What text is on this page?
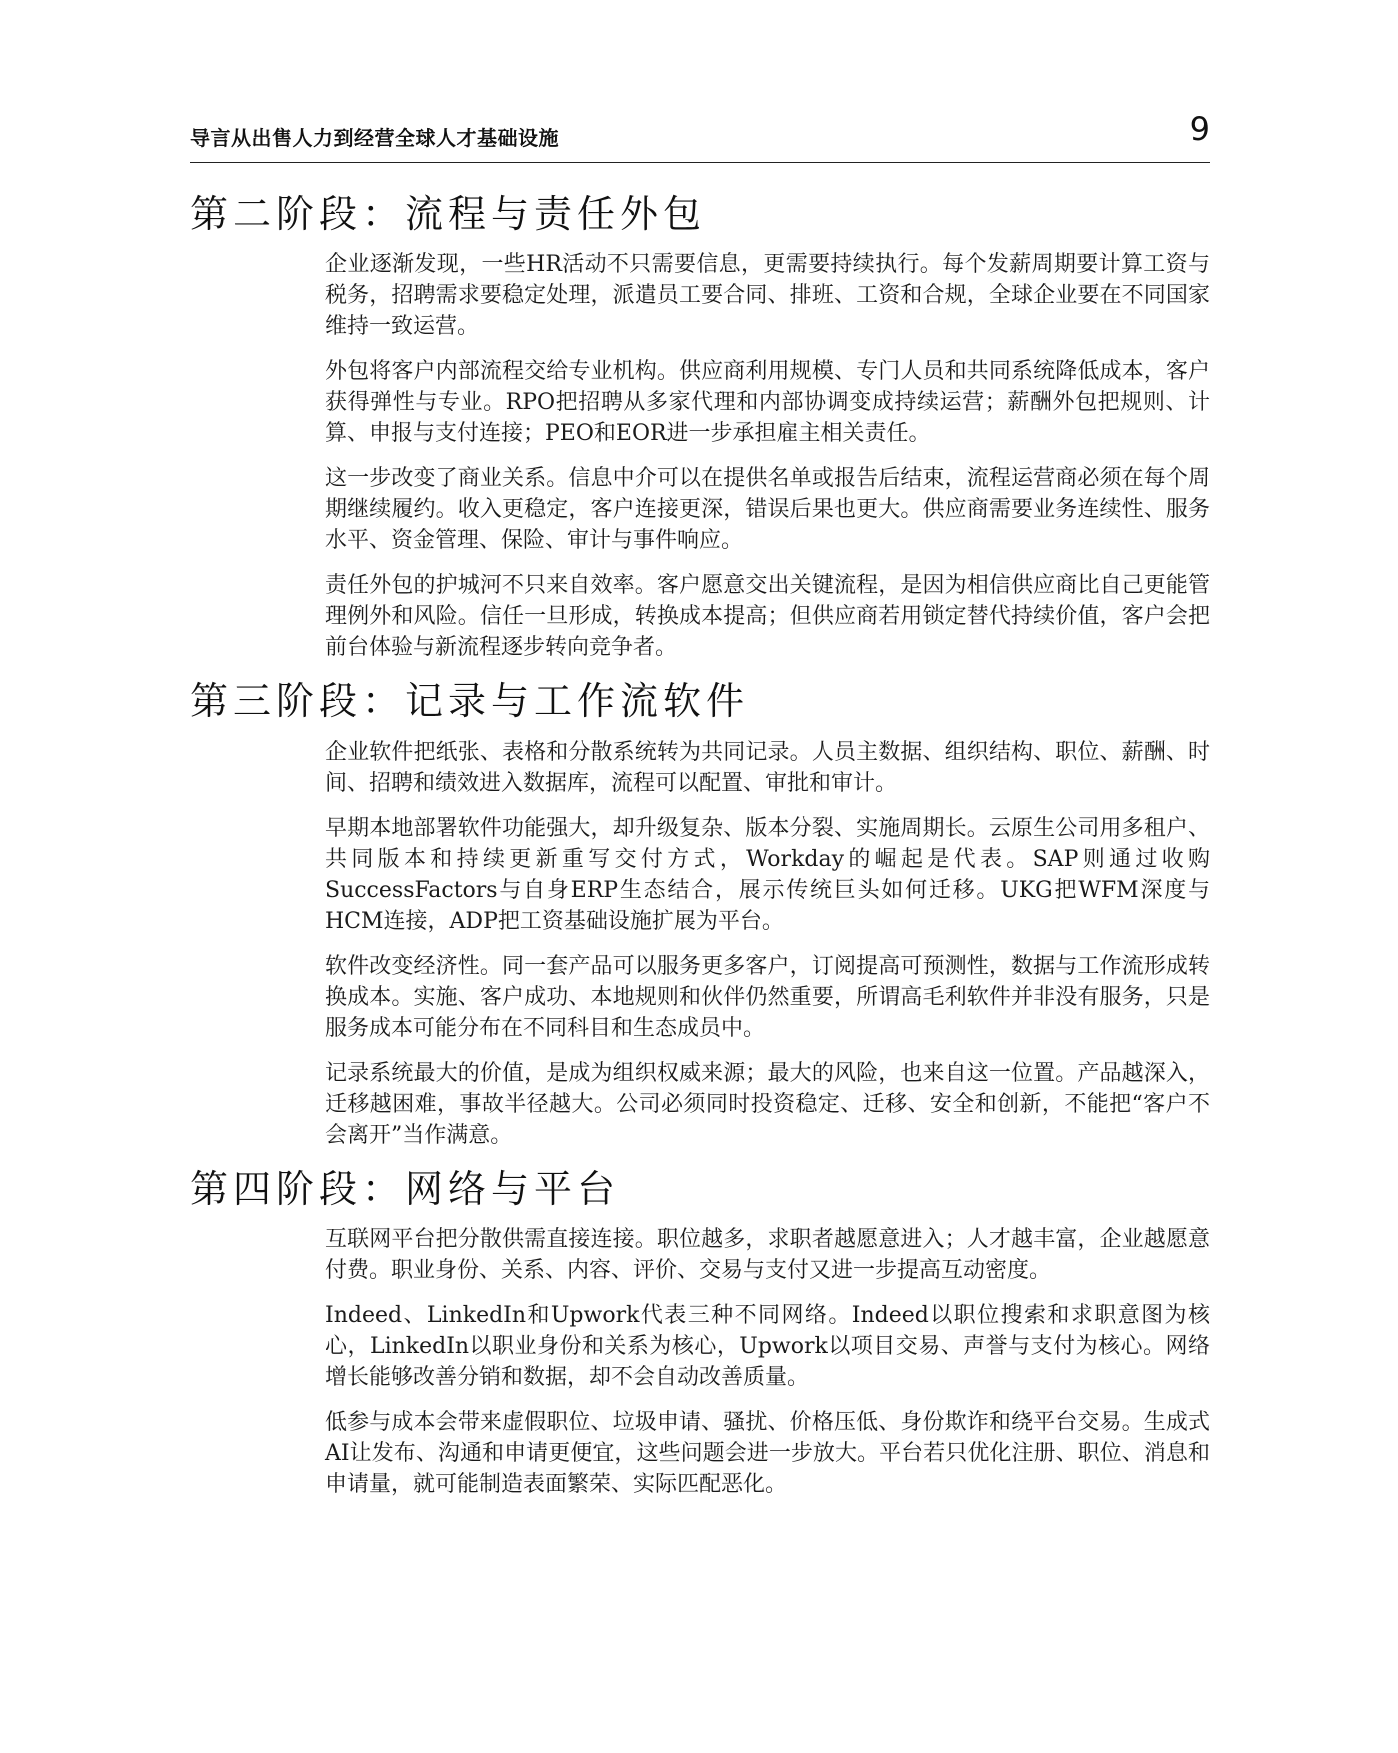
导言从出售人力到经营全球人才基础设施	9
第二阶段：流程与责任外包

企业逐渐发现，一些HR活动不只需要信息，更需要持续执行。每个发薪周期要计算工资与税务，招聘需求要稳定处理，派遣员工要合同、排班、工资和合规，全球企业要在不同国家维持一致运营。

外包将客户内部流程交给专业机构。供应商利用规模、专门人员和共同系统降低成本，客户获得弹性与专业。RPO把招聘从多家代理和内部协调变成持续运营；薪酬外包把规则、计算、申报与支付连接；PEO和EOR进一步承担雇主相关责任。

这一步改变了商业关系。信息中介可以在提供名单或报告后结束，流程运营商必须在每个周期继续履约。收入更稳定，客户连接更深，错误后果也更大。供应商需要业务连续性、服务水平、资金管理、保险、审计与事件响应。

责任外包的护城河不只来自效率。客户愿意交出关键流程，是因为相信供应商比自己更能管理例外和风险。信任一旦形成，转换成本提高；但供应商若用锁定替代持续价值，客户会把前台体验与新流程逐步转向竞争者。

第三阶段：记录与工作流软件

企业软件把纸张、表格和分散系统转为共同记录。人员主数据、组织结构、职位、薪酬、时间、招聘和绩效进入数据库，流程可以配置、审批和审计。

早期本地部署软件功能强大，却升级复杂、版本分裂、实施周期长。云原生公司用多租户、共同版本和持续更新重写交付方式，Workday的崛起是代表。SAP则通过收购SuccessFactors与自身ERP生态结合，展示传统巨头如何迁移。UKG把WFM深度与HCM连接，ADP把工资基础设施扩展为平台。

软件改变经济性。同一套产品可以服务更多客户，订阅提高可预测性，数据与工作流形成转换成本。实施、客户成功、本地规则和伙伴仍然重要，所谓高毛利软件并非没有服务，只是服务成本可能分布在不同科目和生态成员中。

记录系统最大的价值，是成为组织权威来源；最大的风险，也来自这一位置。产品越深入，迁移越困难，事故半径越大。公司必须同时投资稳定、迁移、安全和创新，不能把“客户不会离开”当作满意。

第四阶段：网络与平台

互联网平台把分散供需直接连接。职位越多，求职者越愿意进入；人才越丰富，企业越愿意付费。职业身份、关系、内容、评价、交易与支付又进一步提高互动密度。

Indeed、LinkedIn和Upwork代表三种不同网络。Indeed以职位搜索和求职意图为核心，LinkedIn以职业身份和关系为核心，Upwork以项目交易、声誉与支付为核心。网络增长能够改善分销和数据，却不会自动改善质量。

低参与成本会带来虚假职位、垃圾申请、骚扰、价格压低、身份欺诈和绕平台交易。生成式AI让发布、沟通和申请更便宜，这些问题会进一步放大。平台若只优化注册、职位、消息和申请量，就可能制造表面繁荣、实际匹配恶化。
